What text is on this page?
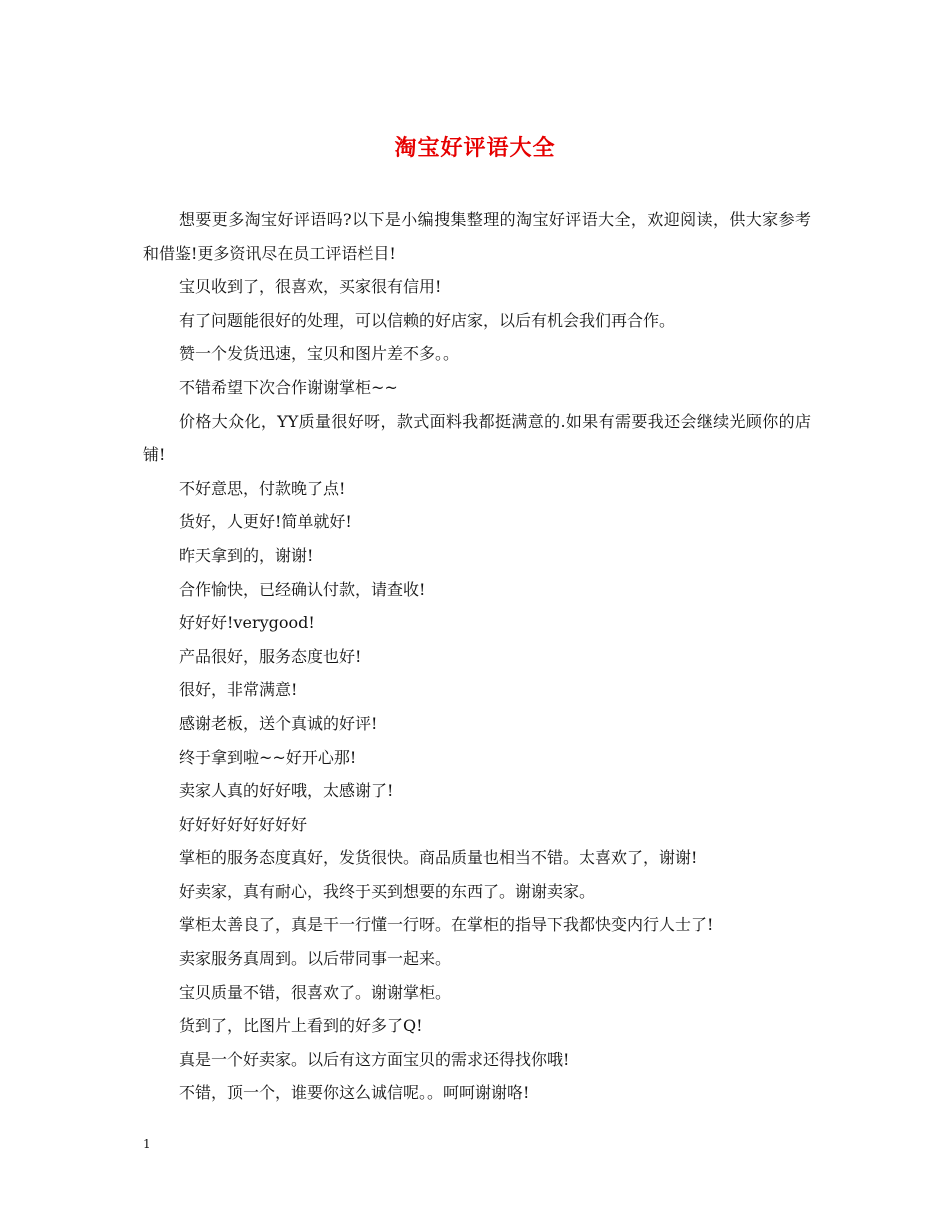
淘宝好评语大全

想要更多淘宝好评语吗?以下是小编搜集整理的淘宝好评语大全，欢迎阅读，供大家参考和借鉴!更多资讯尽在员工评语栏目!

宝贝收到了，很喜欢，买家很有信用!

有了问题能很好的处理，可以信赖的好店家，以后有机会我们再合作。

赞一个发货迅速，宝贝和图片差不多。。

不错希望下次合作谢谢掌柜~~

价格大众化，YY质量很好呀，款式面料我都挺满意的.如果有需要我还会继续光顾你的店铺!

不好意思，付款晚了点!

货好，人更好!简单就好!

昨天拿到的，谢谢!

合作愉快，已经确认付款，请查收!

好好好!verygood!

产品很好，服务态度也好!

很好，非常满意!

感谢老板，送个真诚的好评!

终于拿到啦~~好开心那!

卖家人真的好好哦，太感谢了!

好好好好好好好好

掌柜的服务态度真好，发货很快。商品质量也相当不错。太喜欢了，谢谢!

好卖家，真有耐心，我终于买到想要的东西了。谢谢卖家。

掌柜太善良了，真是干一行懂一行呀。在掌柜的指导下我都快变内行人士了!

卖家服务真周到。以后带同事一起来。

宝贝质量不错，很喜欢了。谢谢掌柜。

货到了，比图片上看到的好多了Q!

真是一个好卖家。以后有这方面宝贝的需求还得找你哦!

不错，顶一个，谁要你这么诚信呢。。呵呵谢谢咯!

1
